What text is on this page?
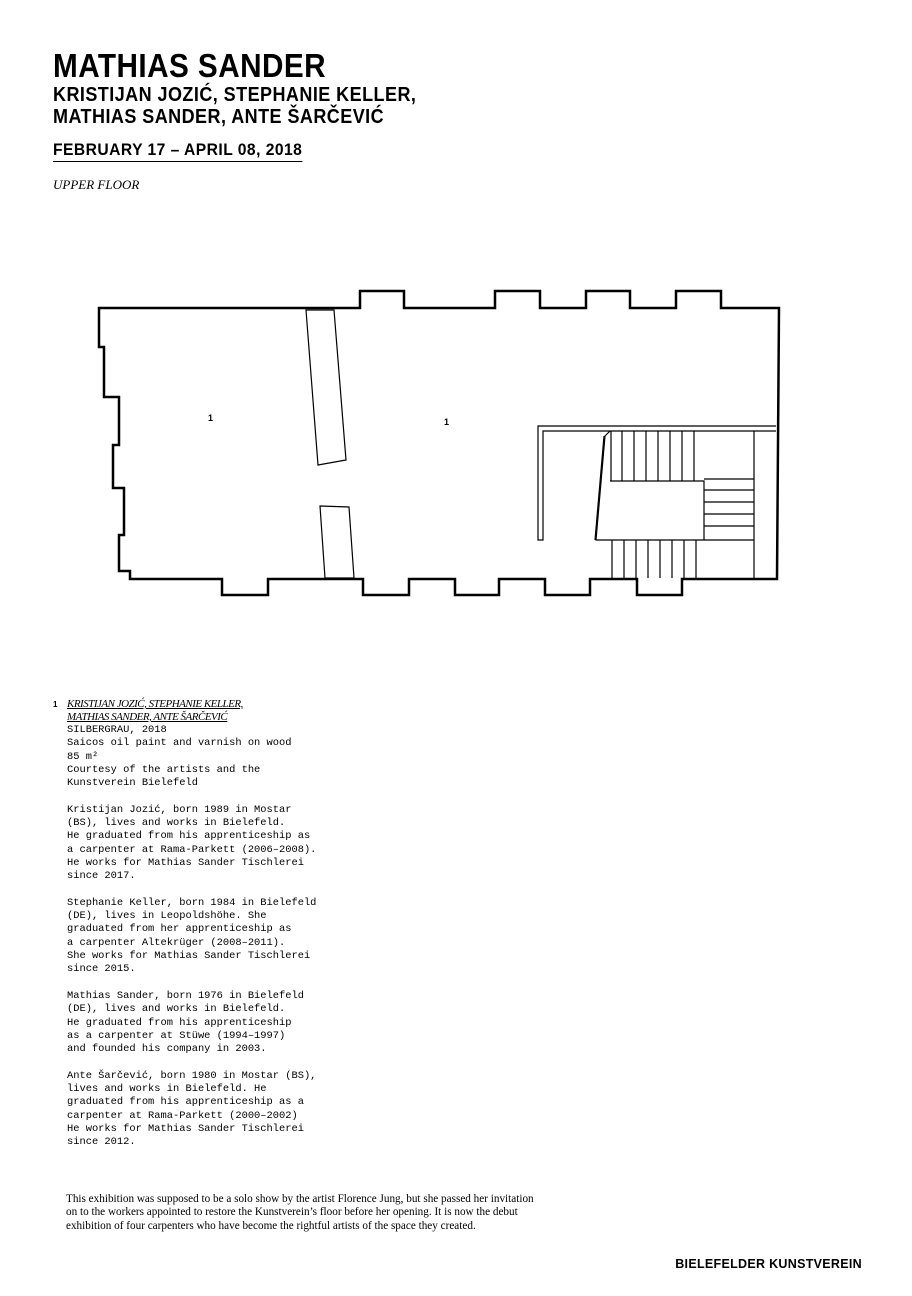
MATHIAS SANDER
KRISTIJAN JOZIĆ, STEPHANIE KELLER,
MATHIAS SANDER, ANTE ŠARČEVIĆ
FEBRUARY 17 – APRIL 08, 2018
UPPER FLOOR
1	1
1 KRISTIJAN JOZIĆ, STEPHANIE KELLER,
MATHIAS SANDER, ANTE ŠARČEVIĆ

SILBERGRAU, 2018
Saicos oil paint and varnish on wood
85 m²
Courtesy of the artists and the
Kunstverein Bielefeld

Kristijan Jozić, born 1989 in Mostar
(BS), lives and works in Bielefeld.
He graduated from his apprenticeship as
a carpenter at Rama-Parkett (2006–2008).
He works for Mathias Sander Tischlerei
since 2017.

Stephanie Keller, born 1984 in Bielefeld
(DE), lives in Leopoldshöhe. She
graduated from her apprenticeship as
a carpenter Altekrüger (2008–2011).
She works for Mathias Sander Tischlerei
since 2015.

Mathias Sander, born 1976 in Bielefeld
(DE), lives and works in Bielefeld.
He graduated from his apprenticeship
as a carpenter at Stüwe (1994–1997)
and founded his company in 2003.

Ante Šarčević, born 1980 in Mostar (BS),
lives and works in Bielefeld. He
graduated from his apprenticeship as a
carpenter at Rama-Parkett (2000–2002)
He works for Mathias Sander Tischlerei
since 2012.

This exhibition was supposed to be a solo show by the artist Florence Jung, but she passed her invitation
on to the workers appointed to restore the Kunstverein’s floor before her opening. It is now the debut
exhibition of four carpenters who have become the rightful artists of the space they created.

BIELEFELDER KUNSTVEREIN
